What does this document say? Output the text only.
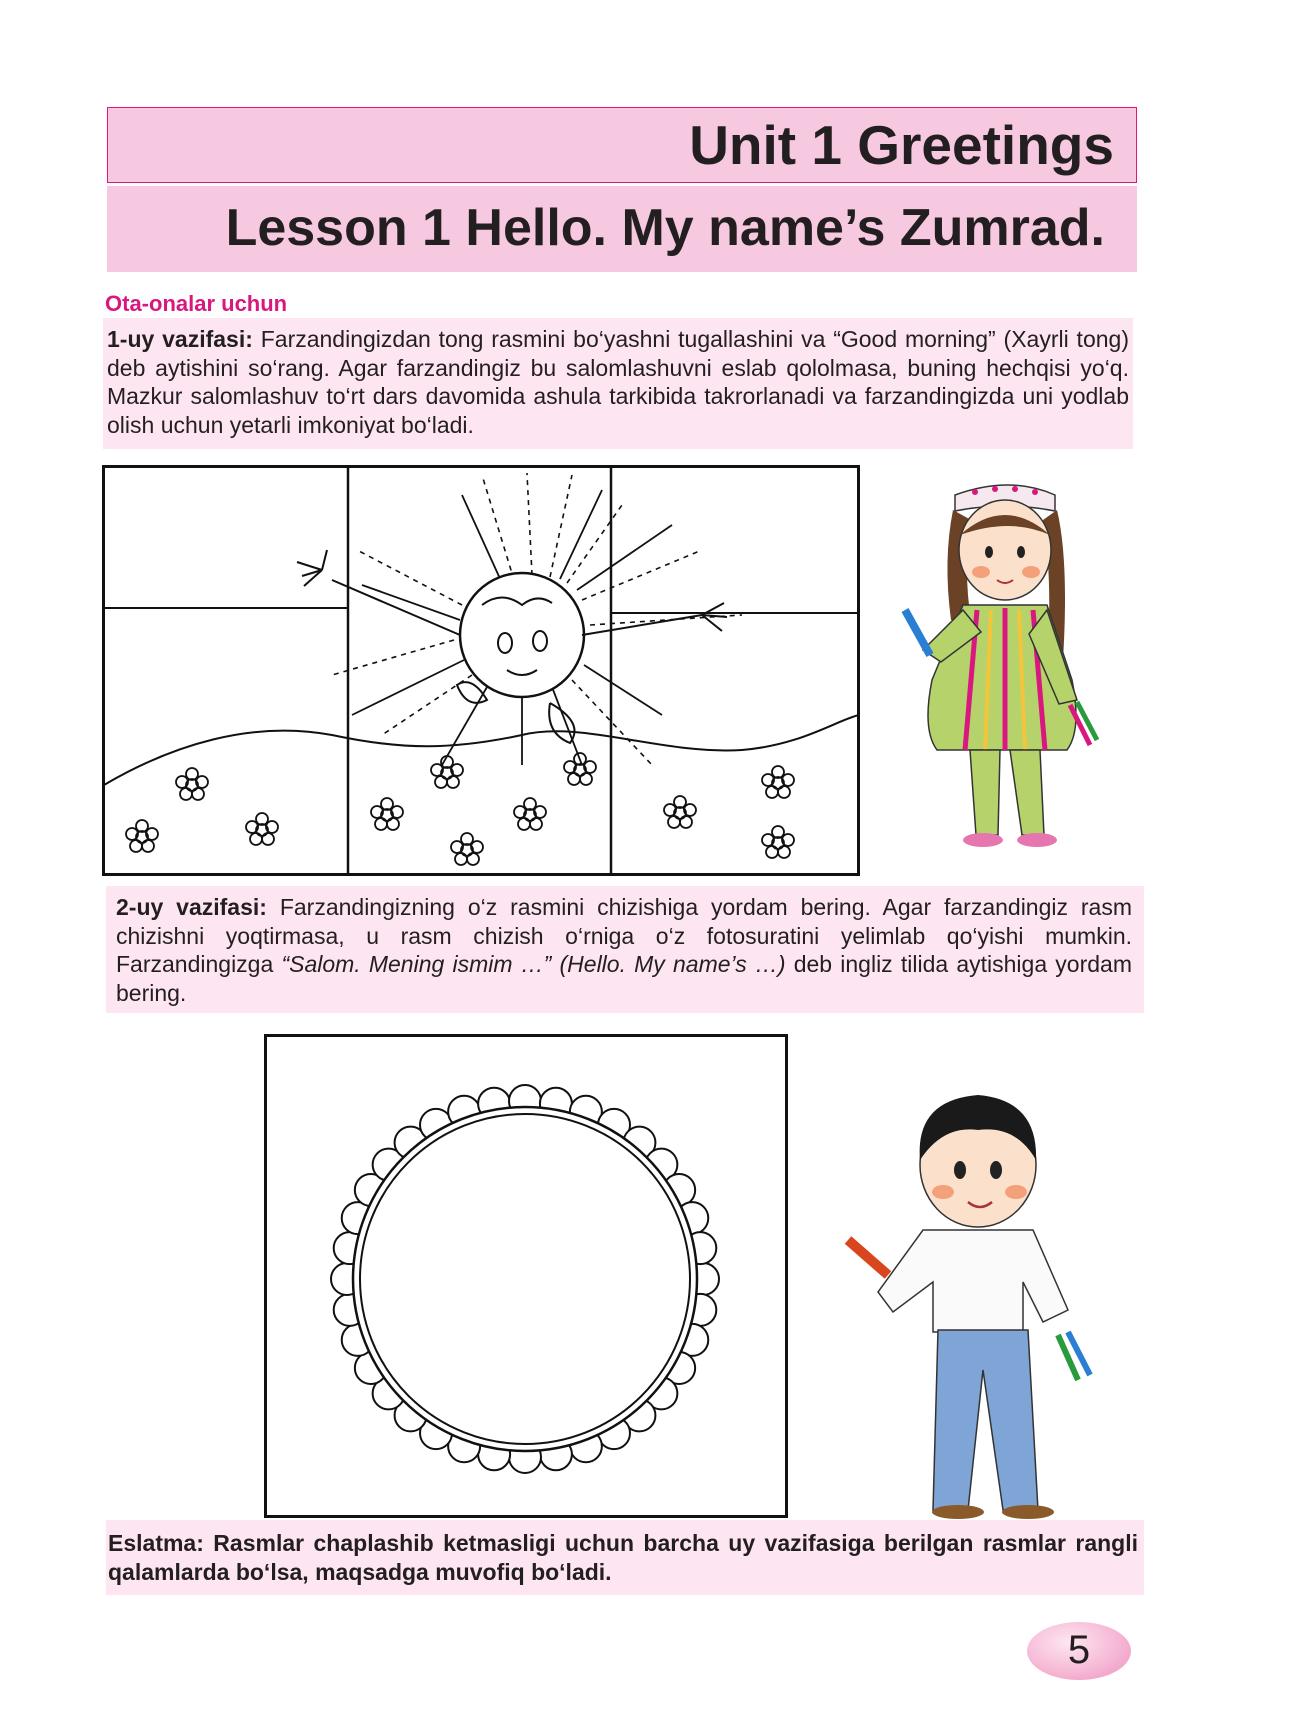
Unit 1 Greetings
Lesson 1 Hello. My name’s Zumrad.
Ota-onalar uchun
1-uy vazifasi: Farzandingizdan tong rasmini bo‘yashni tugallashini va “Good morning” (Xayrli tong) deb aytishini so‘rang. Agar farzandingiz bu salomlashuvni eslab qololmasa, buning hechqisi yo‘q. Mazkur salomlashuv to‘rt dars davomida ashula tarkibida takrorlanadi va farzandingizda uni yodlab olish uchun yetarli imkoniyat bo‘ladi.
2-uy vazifasi: Farzandingizning o‘z rasmini chizishiga yordam bering. Agar farzandingiz rasm chizishni yoqtirmasa, u rasm chizish o‘rniga o‘z fotosuratini yelimlab qo‘yishi mumkin. Farzandingizga “Salom. Mening ismim …” (Hello. My name’s …) deb ingliz tilida aytishiga yordam bering.
Eslatma: Rasmlar chaplashib ketmasligi uchun barcha uy vazifasiga berilgan rasmlar rangli qalamlarda bo‘lsa, maqsadga muvofiq bo‘ladi.
5
